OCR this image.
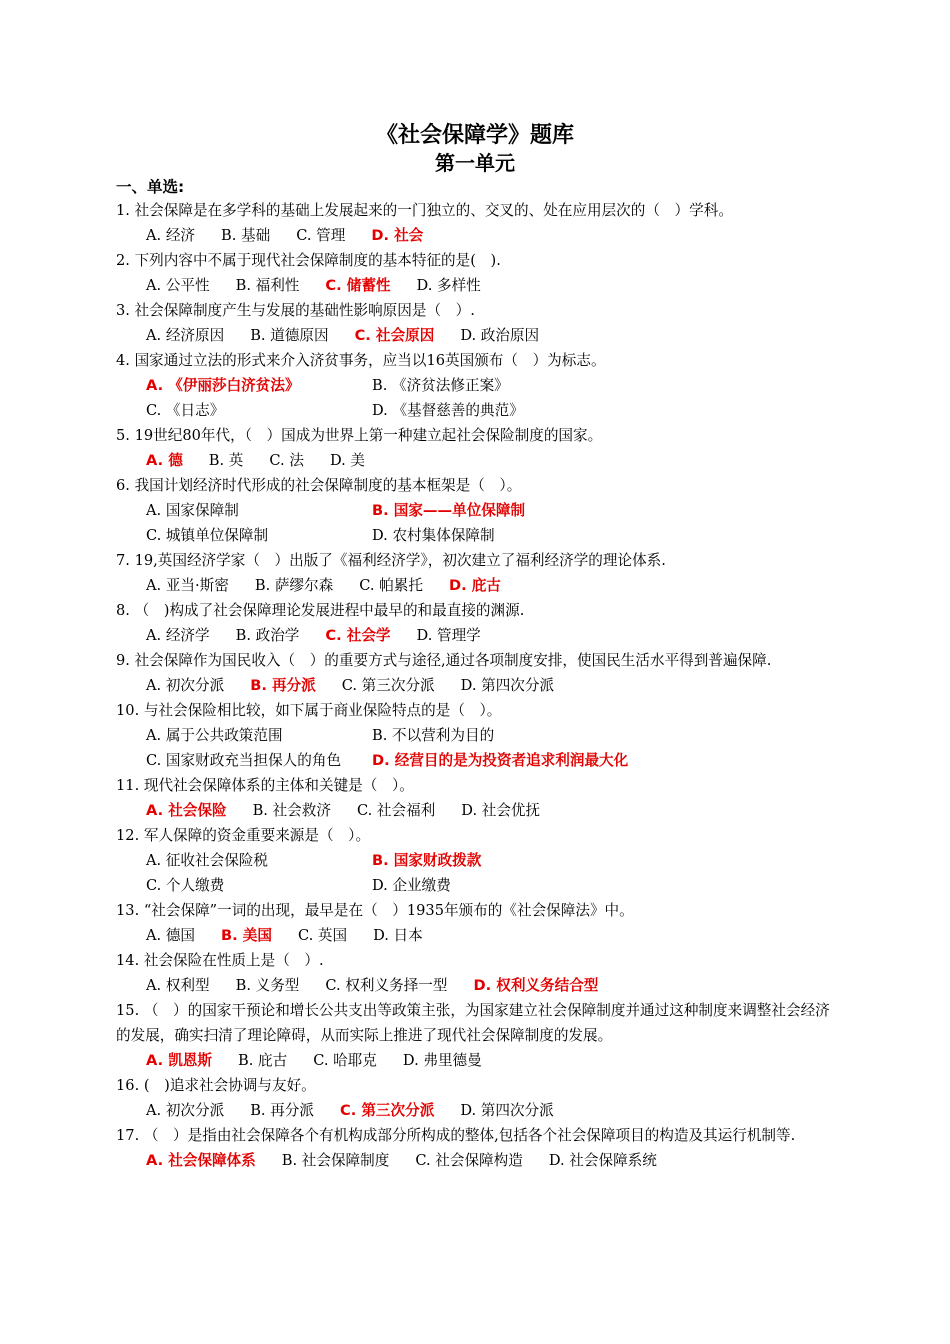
《社会保障学》题库
第一单元
一、单选:
1. 社会保障是在多学科的基础上发展起来的一门独立的、交叉的、处在应用层次的（　）学科。
A. 经济 B. 基础 C. 管理 D. 社会
2. 下列内容中不属于现代社会保障制度的基本特征的是(　).
A. 公平性 B. 福利性 C. 储蓄性 D. 多样性
3. 社会保障制度产生与发展的基础性影响原因是（　）.
A. 经济原因 B. 道德原因 C. 社会原因 D. 政治原因
4. 国家通过立法的形式来介入济贫事务，应当以16英国颁布（　）为标志。
A. 《伊丽莎白济贫法》	B. 《济贫法修正案》
C. 《日志》	D. 《基督慈善的典范》
5. 19世纪80年代，（　）国成为世界上第一种建立起社会保险制度的国家。
A. 德 B. 英 C. 法 D. 美
6. 我国计划经济时代形成的社会保障制度的基本框架是（　）。
A. 国家保障制	B. 国家——单位保障制
C. 城镇单位保障制	D. 农村集体保障制
7. 19,英国经济学家（　）出版了《福利经济学》，初次建立了福利经济学的理论体系.
A. 亚当·斯密 B. 萨缪尔森 C. 帕累托 D. 庇古
8. （　)构成了社会保障理论发展进程中最早的和最直接的渊源.
A. 经济学 B. 政治学 C. 社会学 D. 管理学
9. 社会保障作为国民收入（　）的重要方式与途径,通过各项制度安排，使国民生活水平得到普遍保障.
A. 初次分派 B. 再分派 C. 第三次分派 D. 第四次分派
10. 与社会保险相比较，如下属于商业保险特点的是（　）。
A. 属于公共政策范围	B. 不以营利为目的
C. 国家财政充当担保人的角色 D. 经营目的是为投资者追求利润最大化
11. 现代社会保障体系的主体和关键是（　）。
A. 社会保险 B. 社会救济 C. 社会福利 D. 社会优抚
12. 军人保障的资金重要来源是（　）。
A. 征收社会保险税	B. 国家财政拨款
C. 个人缴费	D. 企业缴费
13. “社会保障”一词的出现，最早是在（　）1935年颁布的《社会保障法》中。
A. 德国 B. 美国 C. 英国 D. 日本
14. 社会保险在性质上是（　）.
A. 权利型 B. 义务型 C. 权利义务择一型 D. 权利义务结合型
15. （　）的国家干预论和增长公共支出等政策主张，为国家建立社会保障制度并通过这种制度来调整社会经济的发展，确实扫清了理论障碍，从而实际上推进了现代社会保障制度的发展。
A. 凯恩斯 B. 庇古 C. 哈耶克 D. 弗里德曼
16. (　)追求社会协调与友好。
A. 初次分派 B. 再分派 C. 第三次分派 D. 第四次分派
17. （　）是指由社会保障各个有机构成部分所构成的整体,包括各个社会保障项目的构造及其运行机制等.
A. 社会保障体系 B. 社会保障制度 C. 社会保障构造 D. 社会保障系统
